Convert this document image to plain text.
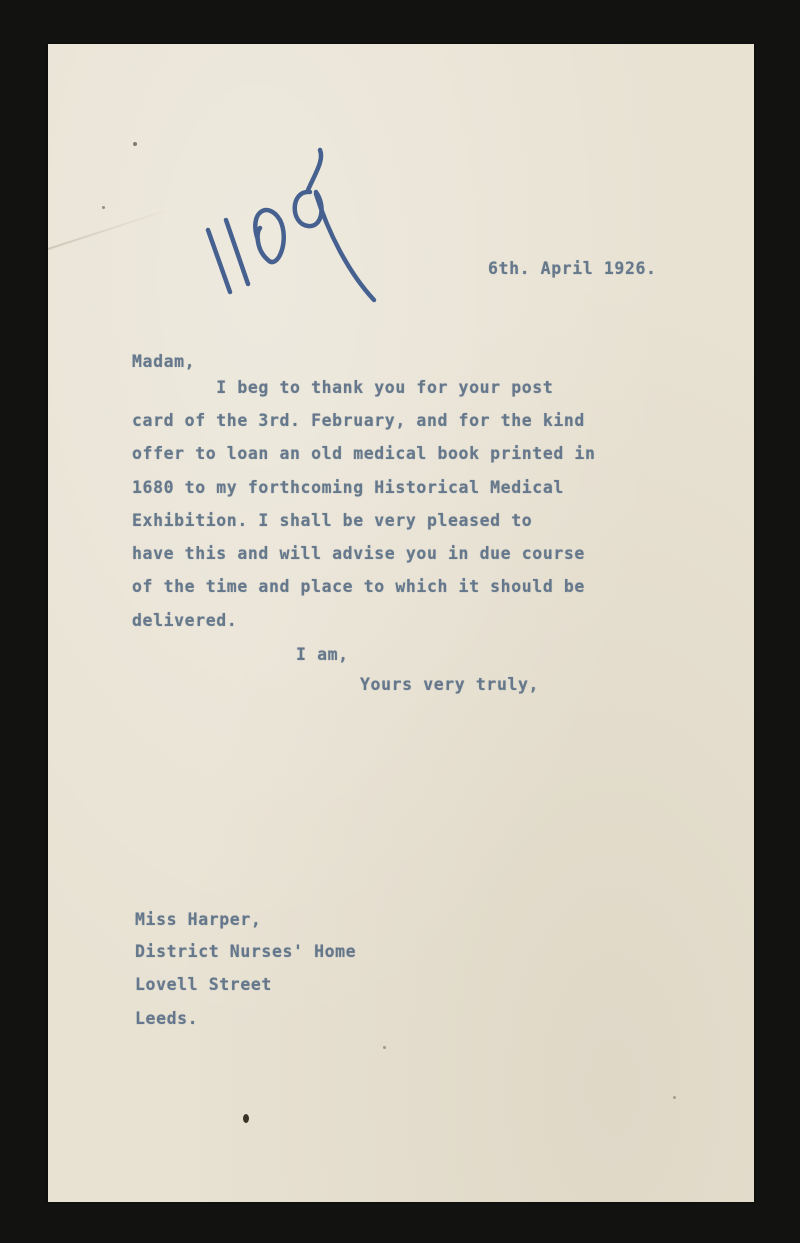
6th. April 1926.
Madam,
I beg to thank you for your post
card of the 3rd. February, and for the kind
offer to loan an old medical book printed in
1680 to my forthcoming Historical Medical
Exhibition. I shall be very pleased to
have this and will advise you in due course
of the time and place to which it should be
delivered.
I am,
Yours very truly,
Miss Harper,
District Nurses' Home
Lovell Street
Leeds.
